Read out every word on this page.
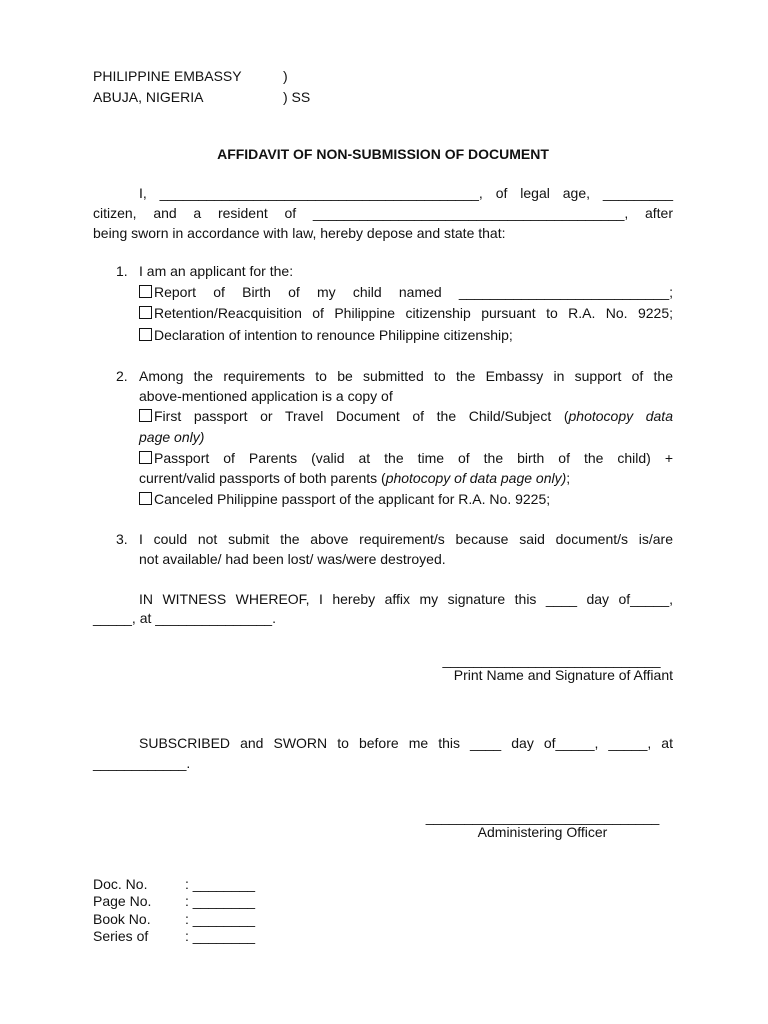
PHILIPPINE EMBASSY	)
ABUJA, NIGERIA	) SS
AFFIDAVIT OF NON-SUBMISSION OF DOCUMENT
I, _________________________________________, of legal age, _________
citizen, and a resident of ________________________________________, after
being sworn in accordance with law, hereby depose and state that:
1. I am an applicant for the:
Report of Birth of my child named ___________________________;
Retention/Reacquisition of Philippine citizenship pursuant to R.A. No. 9225;
Declaration of intention to renounce Philippine citizenship;
2. Among the requirements to be submitted to the Embassy in support of the
above-mentioned application is a copy of
First passport or Travel Document of the Child/Subject (photocopy data
page only)
Passport of Parents (valid at the time of the birth of the child) +
current/valid passports of both parents (photocopy of data page only);
Canceled Philippine passport of the applicant for R.A. No. 9225;
3. I could not submit the above requirement/s because said document/s is/are
not available/ had been lost/ was/were destroyed.
IN WITNESS WHEREOF, I hereby affix my signature this ____ day of_____,
_____, at _______________.
____________________________
Print Name and Signature of Affiant
SUBSCRIBED and SWORN to before me this ____ day of_____, _____, at
____________.
______________________________
Administering Officer
Doc. No.	: ________
Page No. : ________
Book No. : ________
Series of	: ________
